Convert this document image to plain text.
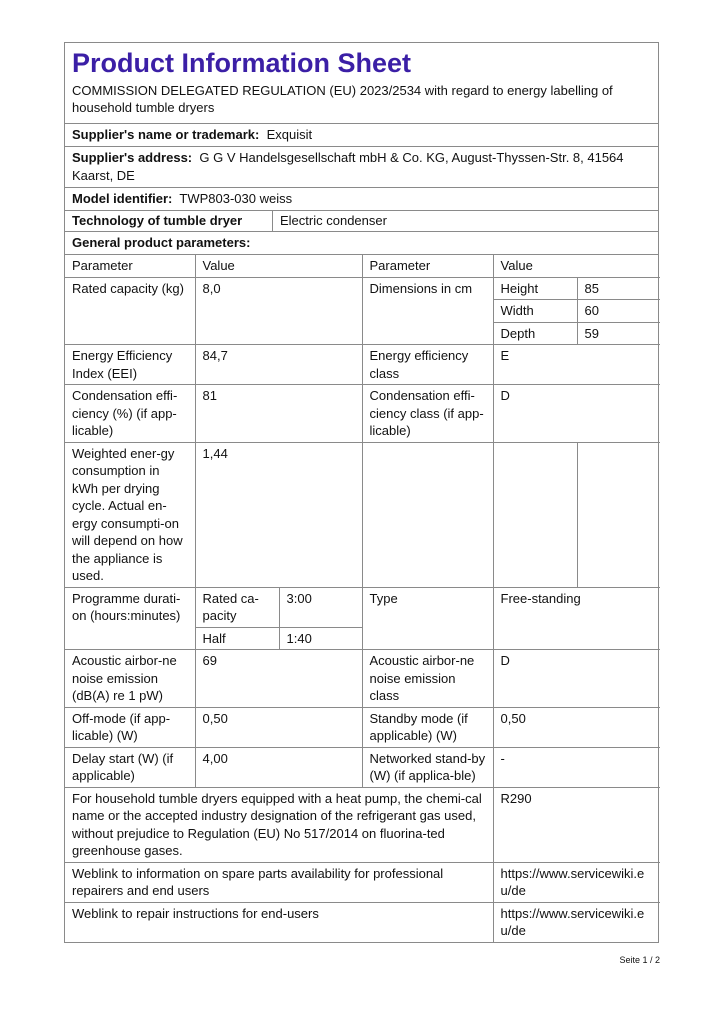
Product Information Sheet
COMMISSION DELEGATED REGULATION (EU) 2023/2534 with regard to energy labelling of household tumble dryers
Supplier's name or trademark: Exquisit
Supplier's address: G G V Handelsgesellschaft mbH & Co. KG, August-Thyssen-Str. 8, 41564 Kaarst, DE
Model identifier: TWP803-030 weiss
Technology of tumble dryer	Electric condenser
General product parameters:
Parameter	Value		Parameter	Value	
Rated capacity (kg)	8,0		Dimensions in cm	Height	85
				Width	60
				Depth	59
Energy Efficiency Index (EEI)	84,7		Energy efficiency class	E	
Condensation effi-ciency (%) (if app-licable)	81		Condensation effi-ciency class (if app-licable)	D	
Weighted ener-gy consumption in kWh per drying cycle. Actual en-ergy consumpti-on will depend on how the appliance is used.	1,44				
Programme durati-on (hours:minutes)	Rated ca-pacity	3:00	Type	Free-standing	
	Half	1:40			
Acoustic airbor-ne noise emission (dB(A) re 1 pW)	69		Acoustic airbor-ne noise emission class	D	
Off-mode (if app-licable) (W)	0,50		Standby mode (if applicable) (W)	0,50	
Delay start (W) (if applicable)	4,00		Networked stand-by (W) (if applica-ble)	-	
For household tumble dryers equipped with a heat pump, the chemi-cal name or the accepted industry designation of the refrigerant gas used, without prejudice to Regulation (EU) No 517/2014 on fluorina-ted greenhouse gases.				R290	
Weblink to information on spare parts availability for professional repairers and end users				https://www.servicewiki.eu/de	
Weblink to repair instructions for end-users				https://www.servicewiki.eu/de	
Seite 1 / 2
